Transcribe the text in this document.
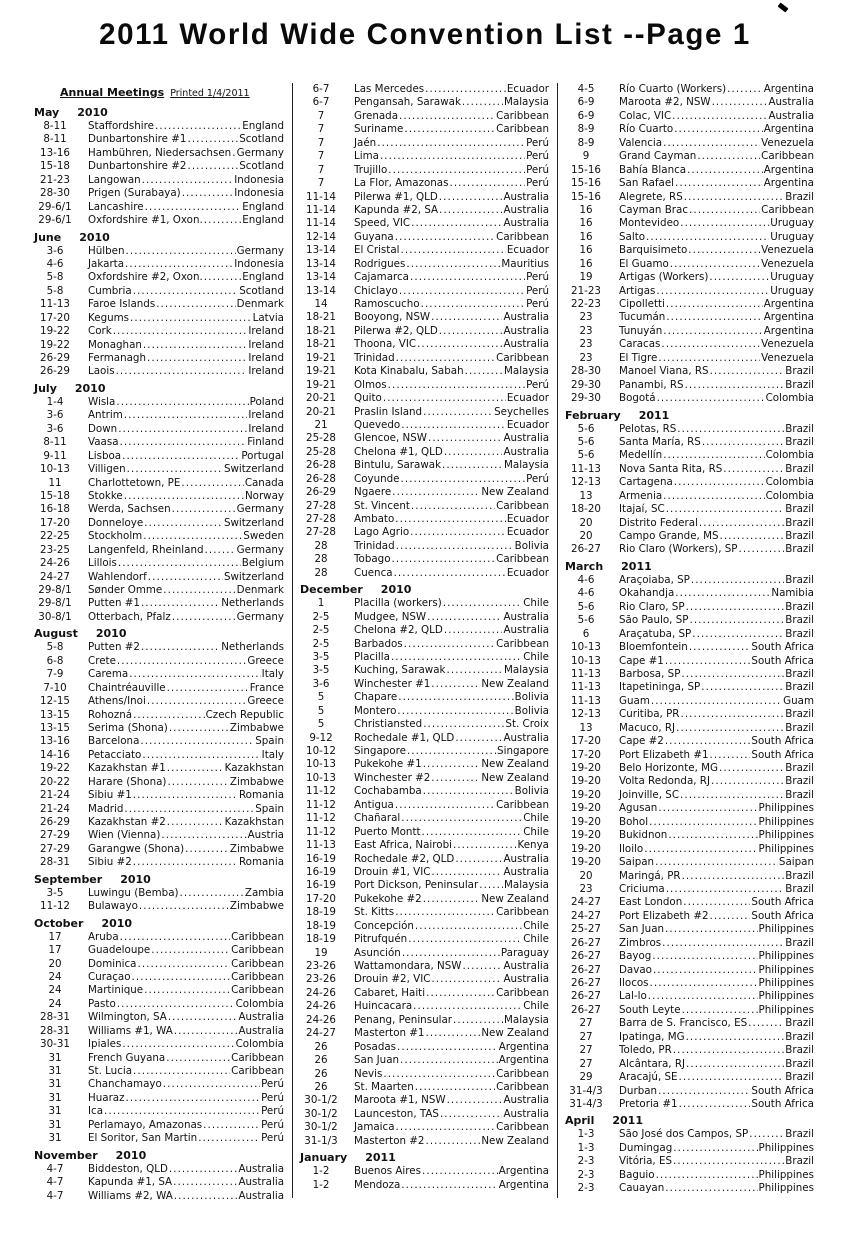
2011 World Wide Convention List --Page 1
Annual Meetings Printed 1/4/2011
May 2010
8-11	Staffordshire . . .	England
8-11	Dunbartonshire #1 . . .	Scotland
13-16	Hambühren, Niedersachsen . . . Germany
15-18	Dunbartonshire #2 . . .	Scotland
21-23	Langowan . . .	Indonesia
28-30	Prigen (Surabaya) . . .	Indonesia
29-6/1	Lancashire . . .	England
29-6/1	Oxfordshire #1, Oxon. . . .	England
June 2010
3-6	Hülben . . .	Germany
4-6	Jakarta . . .	Indonesia
5-8	Oxfordshire #2, Oxon. . . .	England
5-8	Cumbria . . .	Scotland
11-13	Faroe Islands . . .	Denmark
17-20	Kegums . . .	Latvia
19-22	Cork . . .	Ireland
19-22	Monaghan . . .	Ireland
26-29	Fermanagh . . .	Ireland
26-29	Laois . . .	Ireland
July 2010
1-4	Wisla . . .	Poland
3-6	Antrim . . .	Ireland
3-6	Down . . .	Ireland
8-11	Vaasa . . .	Finland
9-11	Lisboa . . .	Portugal
10-13	Villigen . . .	Switzerland
11	Charlottetown, PE . . .	Canada
15-18	Stokke . . .	Norway
16-18	Werda, Sachsen . . .	Germany
17-20	Donneloye . . .	Switzerland
22-25	Stockholm . . .	Sweden
23-25	Langenfeld, Rheinland . . .	Germany
24-26	Lillois . . .	Belgium
24-27	Wahlendorf . . .	Switzerland
29-8/1	Sønder Omme . . .	Denmark
29-8/1	Putten #1 . . .	Netherlands
30-8/1	Otterbach, Pfalz . . .	Germany
August 2010
5-8	Putten #2 . . .	Netherlands
6-8	Crete . . .	Greece
7-9	Carema . . .	Italy
7-10	Chaintréauville . . .	France
12-15	Athens/Inoi . . .	Greece
13-15	Rohozná . . .	Czech Republic
13-15	Serima (Shona) . . .	Zimbabwe
13-16	Barcelona . . .	Spain
14-16	Petacciato . . .	Italy
19-22	Kazakhstan #1 . . .	Kazakhstan
20-22	Harare (Shona) . . .	Zimbabwe
21-24	Sibiu #1 . . .	Romania
21-24	Madrid . . .	Spain
26-29	Kazakhstan #2 . . .	Kazakhstan
27-29	Wien (Vienna) . . .	Austria
27-29	Garangwe (Shona) . . .	Zimbabwe
28-31	Sibiu #2 . . .	Romania
September 2010
3-5	Luwingu (Bemba) . . .	Zambia
11-12	Bulawayo . . .	Zimbabwe
October 2010
17	Aruba . . .	Caribbean
17	Guadeloupe . . .	Caribbean
20	Dominica . . .	Caribbean
24	Curaçao . . .	Caribbean
24	Martinique . . .	Caribbean
24	Pasto . . .	Colombia
28-31	Wilmington, SA . . .	Australia
28-31	Williams #1, WA . . .	Australia
30-31	Ipiales . . .	Colombia
31	French Guyana . . .	Caribbean
31	St. Lucia . . .	Caribbean
31	Chanchamayo . . .	Perú
31	Huaraz . . .	Perú
31	Ica . . .	Perú
31	Perlamayo, Amazonas . . .	Perú
31	El Soritor, San Martin . . .	Perú
November 2010
4-7	Biddeston, QLD . . .	Australia
4-7	Kapunda #1, SA . . .	Australia
4-7	Williams #2, WA . . .	Australia
6-7	Las Mercedes . . .	Ecuador
6-7	Pengansah, Sarawak . . .	Malaysia
7	Grenada . . .	Caribbean
7	Suriname . . .	Caribbean
7	Jaén . . .	Perú
7	Lima . . .	Perú
7	Trujillo . . .	Perú
7	La Flor, Amazonas . . .	Perú
11-14	Pilerwa #1, QLD . . .	Australia
11-14	Kapunda #2, SA . . .	Australia
11-14	Speed, VIC . . .	Australia
12-14	Guyana . . .	Caribbean
13-14	El Cristal . . .	Ecuador
13-14	Rodrigues . . .	Mauritius
13-14	Cajamarca . . .	Perú
13-14	Chiclayo . . .	Perú
14	Ramoscucho . . .	Perú
18-21	Booyong, NSW . . .	Australia
18-21	Pilerwa #2, QLD . . .	Australia
18-21	Thoona, VIC . . .	Australia
19-21	Trinidad . . .	Caribbean
19-21	Kota Kinabalu, Sabah . . .	Malaysia
19-21	Olmos . . .	Perú
20-21	Quito . . .	Ecuador
20-21	Praslin Island . . .	Seychelles
21	Quevedo . . .	Ecuador
25-28	Glencoe, NSW . . .	Australia
25-28	Chelona #1, QLD . . .	Australia
26-28	Bintulu, Sarawak . . .	Malaysia
26-28	Coyunde . . .	Perú
26-29	Ngaere . . .	New Zealand
27-28	St. Vincent . . .	Caribbean
27-28	Ambato . . .	Ecuador
27-28	Lago Agrio . . .	Ecuador
28	Trinidad . . .	Bolivia
28	Tobago . . .	Caribbean
28	Cuenca . . .	Ecuador
December 2010
1	Placilla (workers) . . .	Chile
2-5	Mudgee, NSW . . .	Australia
2-5	Chelona #2, QLD . . .	Australia
2-5	Barbados . . .	Caribbean
3-5	Placilla . . .	Chile
3-5	Kuching, Sarawak . . .	Malaysia
3-6	Winchester #1 . . .	New Zealand
5	Chapare . . .	Bolivia
5	Montero . . .	Bolivia
5	Christiansted . . .	St. Croix
9-12	Rochedale #1, QLD . . .	Australia
10-12	Singapore . . .	Singapore
10-13	Pukekohe #1 . . .	New Zealand
10-13	Winchester #2 . . .	New Zealand
11-12	Cochabamba . . .	Bolivia
11-12	Antigua . . .	Caribbean
11-12	Chañaral . . .	Chile
11-12	Puerto Montt . . .	Chile
11-13	East Africa, Nairobi . . .	Kenya
16-19	Rochedale #2, QLD . . .	Australia
16-19	Drouin #1, VIC . . .	Australia
16-19	Port Dickson, Peninsular . . .	Malaysia
17-20	Pukekohe #2 . . .	New Zealand
18-19	St. Kitts . . .	Caribbean
18-19	Concepción . . .	Chile
18-19	Pitrufquén . . .	Chile
19	Asunción . . .	Paraguay
23-26	Wattamondara, NSW . . .	Australia
23-26	Drouin #2, VIC . . .	Australia
24-26	Cabaret, Haiti . . .	Caribbean
24-26	Huincacara . . .	Chile
24-26	Penang, Peninsular . . .	Malaysia
24-27	Masterton #1 . . .	New Zealand
26	Posadas . . .	Argentina
26	San Juan . . .	Argentina
26	Nevis . . .	Caribbean
26	St. Maarten . . .	Caribbean
30-1/2	Maroota #1, NSW . . .	Australia
30-1/2	Launceston, TAS . . .	Australia
30-1/2	Jamaica . . .	Caribbean
31-1/3	Masterton #2 . . .	New Zealand
January 2011
1-2	Buenos Aires . . .	Argentina
1-2	Mendoza . . .	Argentina
4-5	Río Cuarto (Workers) . . .	Argentina
6-9	Maroota #2, NSW . . .	Australia
6-9	Colac, VIC . . .	Australia
8-9	Río Cuarto . . .	Argentina
8-9	Valencia . . .	Venezuela
9	Grand Cayman . . .	Caribbean
15-16	Bahía Blanca . . .	Argentina
15-16	San Rafael . . .	Argentina
15-16	Alegrete, RS . . .	Brazil
16	Cayman Brac . . .	Caribbean
16	Montevideo . . .	Uruguay
16	Salto . . .	Uruguay
16	Barquisimeto . . .	Venezuela
16	El Guamo . . .	Venezuela
19	Artigas (Workers) . . .	Uruguay
21-23	Artigas . . .	Uruguay
22-23	Cipolletti . . .	Argentina
23	Tucumán . . .	Argentina
23	Tunuyán . . .	Argentina
23	Caracas . . .	Venezuela
23	El Tigre . . .	Venezuela
28-30	Manoel Viana, RS . . .	Brazil
29-30	Panambi, RS . . .	Brazil
29-30	Bogotá . . .	Colombia
February 2011
5-6	Pelotas, RS . . .	Brazil
5-6	Santa María, RS . . .	Brazil
5-6	Medellín . . .	Colombia
11-13	Nova Santa Rita, RS . . .	Brazil
12-13	Cartagena . . .	Colombia
13	Armenia . . .	Colombia
18-20	Itajaí, SC . . .	Brazil
20	Distrito Federal . . .	Brazil
20	Campo Grande, MS . . .	Brazil
26-27	Rio Claro (Workers), SP . . .	Brazil
March 2011
4-6	Araçoiaba, SP . . .	Brazil
4-6	Okahandja . . .	Namibia
5-6	Rio Claro, SP . . .	Brazil
5-6	São Paulo, SP . . .	Brazil
6	Araçatuba, SP . . .	Brazil
10-13	Bloemfontein . . .	South Africa
10-13	Cape #1 . . .	South Africa
11-13	Barbosa, SP . . .	Brazil
11-13	Itapetininga, SP . . .	Brazil
11-13	Guam . . .	Guam
12-13	Curitiba, PR . . .	Brazil
13	Macuco, RJ . . .	Brazil
17-20	Cape #2 . . .	South Africa
17-20	Port Elizabeth #1 . . .	South Africa
19-20	Belo Horizonte, MG . . .	Brazil
19-20	Volta Redonda, RJ . . .	Brazil
19-20	Joinville, SC . . .	Brazil
19-20	Agusan . . .	Philippines
19-20	Bohol . . .	Philippines
19-20	Bukidnon . . .	Philippines
19-20	Iloilo . . .	Philippines
19-20	Saipan . . .	Saipan
20	Maringá, PR . . .	Brazil
23	Criciuma . . .	Brazil
24-27	East London . . .	South Africa
24-27	Port Elizabeth #2 . . .	South Africa
25-27	San Juan . . .	Philippines
26-27	Zimbros . . .	Brazil
26-27	Bayog . . .	Philippines
26-27	Davao . . .	Philippines
26-27	Ilocos . . .	Philippines
26-27	Lal-lo . . .	Philippines
26-27	South Leyte . . .	Philippines
27	Barra de S. Francisco, ES . . .	Brazil
27	Ipatinga, MG . . .	Brazil
27	Toledo, PR . . .	Brazil
27	Alcântara, RJ . . .	Brazil
29	Aracajú, SE . . .	Brazil
31-4/3	Durban . . .	South Africa
31-4/3	Pretoria #1 . . .	South Africa
April 2011
1-3	São José dos Campos, SP . . .	Brazil
1-3	Dumingag . . .	Philippines
2-3	Vitória, ES . . .	Brazil
2-3	Baguio . . .	Philippines
2-3	Cauayan . . .	Philippines
